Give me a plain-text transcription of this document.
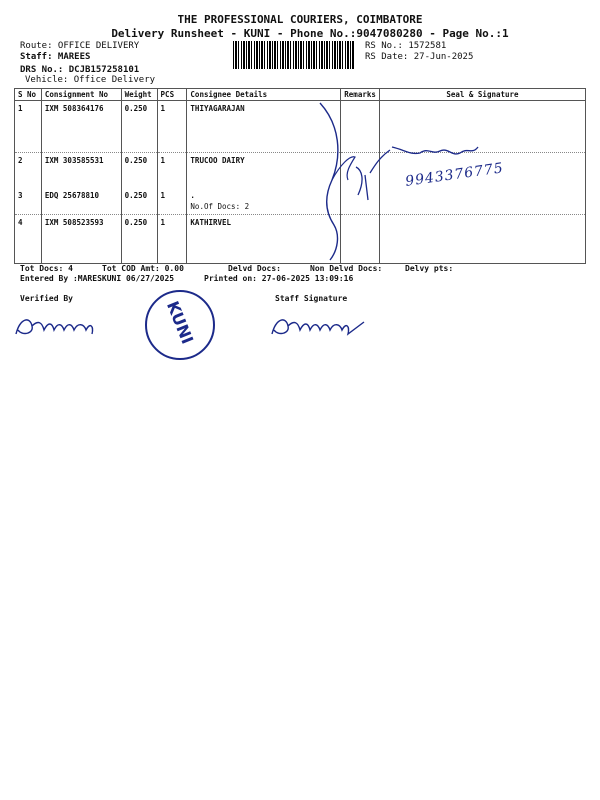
THE PROFESSIONAL COURIERS, COIMBATORE
Delivery Runsheet - KUNI - Phone No.:9047080280 - Page No.:1
Route: OFFICE DELIVERY
Staff: MAREES
DRS No.: DCJB157258101
Vehicle: Office Delivery
RS No.: 1572581
RS Date: 27-Jun-2025
S No	Consignment No	Weight	PCS	Consignee Details	Remarks	Seal & Signature
1	IXM 508364176	0.250	1	THIYAGARAJAN		
2	IXM 303585531	0.250	1	TRUCOO DAIRY		
3	EDQ 25678810	0.250	1	.
No.Of Docs: 2		

4	IXM 508523593	0.250	1	KATHIRVEL		
9943376775
Tot Docs: 4	Tot COD Amt: 0.00	Delvd Docs:	Non Delvd Docs:	Delvy pts:
Entered By :MARESKUNI 06/27/2025	Printed on: 27-06-2025 13:09:16
Verified By	Staff Signature
KUNI
